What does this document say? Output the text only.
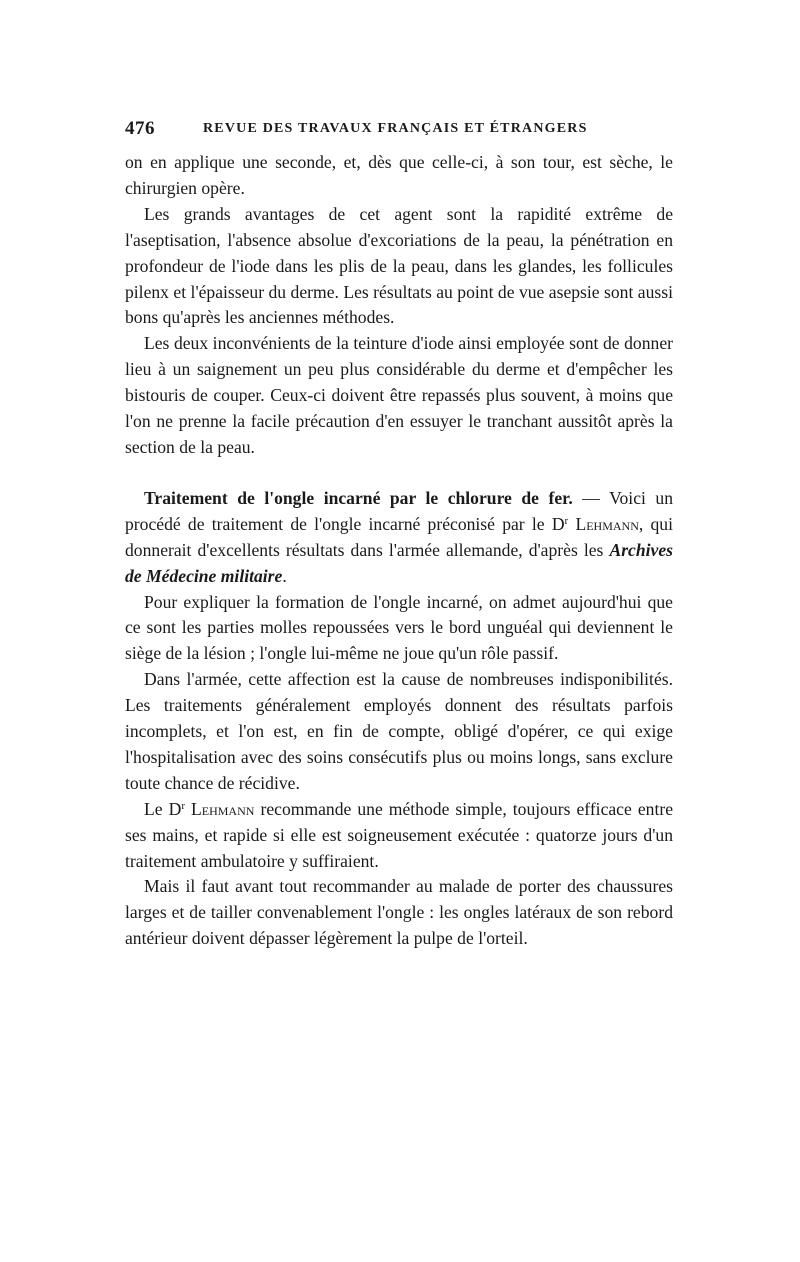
476	REVUE DES TRAVAUX FRANÇAIS ET ÉTRANGERS

on en applique une seconde, et, dès que celle-ci, à son tour, est sèche, le chirurgien opère.

Les grands avantages de cet agent sont la rapidité extrême de l'aseptisation, l'absence absolue d'excoriations de la peau, la pénétration en profondeur de l'iode dans les plis de la peau, dans les glandes, les follicules pilenx et l'épaisseur du derme. Les résultats au point de vue asepsie sont aussi bons qu'après les anciennes méthodes.

Les deux inconvénients de la teinture d'iode ainsi employée sont de donner lieu à un saignement un peu plus considérable du derme et d'empêcher les bistouris de couper. Ceux-ci doivent être repassés plus souvent, à moins que l'on ne prenne la facile précaution d'en essuyer le tranchant aussitôt après la section de la peau.

Traitement de l'ongle incarné par le chlorure de fer. — Voici un procédé de traitement de l'ongle incarné préconisé par le $D^r$ Lehmann, qui donnerait d'excellents résultats dans l'armée allemande, d'après les Archives de Médecine militaire.

Pour expliquer la formation de l'ongle incarné, on admet aujourd'hui que ce sont les parties molles repoussées vers le bord unguéal qui deviennent le siège de la lésion ; l'ongle lui-même ne joue qu'un rôle passif.

Dans l'armée, cette affection est la cause de nombreuses indisponibilités. Les traitements généralement employés donnent des résultats parfois incomplets, et l'on est, en fin de compte, obligé d'opérer, ce qui exige l'hospitalisation avec des soins consécutifs plus ou moins longs, sans exclure toute chance de récidive.

Le $D^r$ Lehmann recommande une méthode simple, toujours efficace entre ses mains, et rapide si elle est soigneusement exécutée : quatorze jours d'un traitement ambulatoire y suffiraient.

Mais il faut avant tout recommander au malade de porter des chaussures larges et de tailler convenablement l'ongle : les ongles latéraux de son rebord antérieur doivent dépasser légèrement la pulpe de l'orteil.
